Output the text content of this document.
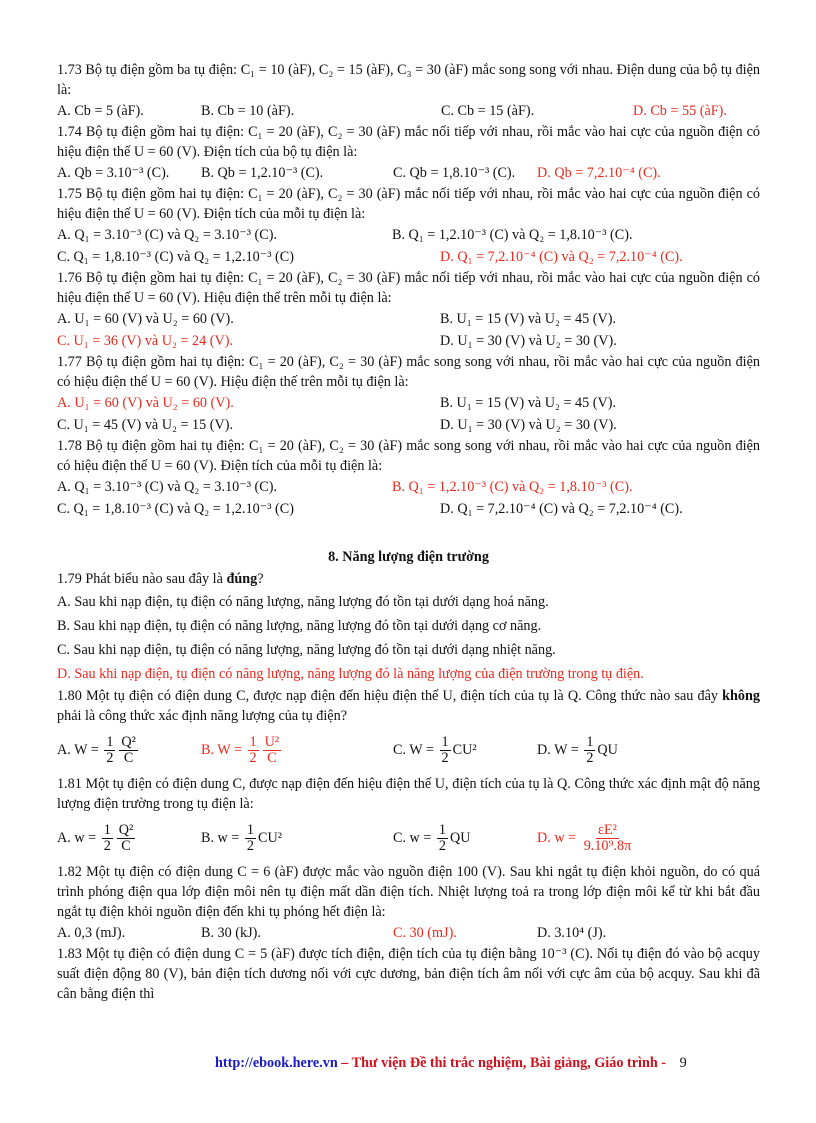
1.73 Bộ tụ điện gồm ba tụ điện: C₁ = 10 (àF), C₂ = 15 (àF), C₃ = 30 (àF) mắc song song với nhau. Điện dung của bộ tụ điện là:

A. Cb = 5 (àF).	B. Cb = 10 (àF).	C. Cb = 15 (àF).	D. Cb = 55 (àF).

1.74 Bộ tụ điện gồm hai tụ điện: C₁ = 20 (àF), C₂ = 30 (àF) mắc nối tiếp với nhau, rồi mắc vào hai cực của nguồn điện có hiệu điện thế U = 60 (V). Điện tích của bộ tụ điện là:

A. Qb = 3.10⁻³ (C).	B. Qb = 1,2.10⁻³ (C).	C. Qb = 1,8.10⁻³ (C).	D. Qb = 7,2.10⁻⁴ (C).

1.75 Bộ tụ điện gồm hai tụ điện: C₁ = 20 (àF), C₂ = 30 (àF) mắc nối tiếp với nhau, rồi mắc vào hai cực của nguồn điện có hiệu điện thế U = 60 (V). Điện tích của mỗi tụ điện là:

A. Q₁ = 3.10⁻³ (C) và Q₂ = 3.10⁻³ (C).	B. Q₁ = 1,2.10⁻³ (C) và Q₂ = 1,8.10⁻³ (C).
C. Q₁ = 1,8.10⁻³ (C) và Q₂ = 1,2.10⁻³ (C)	D. Q₁ = 7,2.10⁻⁴ (C) và Q₂ = 7,2.10⁻⁴ (C).

1.76 Bộ tụ điện gồm hai tụ điện: C₁ = 20 (àF), C₂ = 30 (àF) mắc nối tiếp với nhau, rồi mắc vào hai cực của nguồn điện có hiệu điện thế U = 60 (V). Hiệu điện thế trên mỗi tụ điện là:

A. U₁ = 60 (V) và U₂ = 60 (V).	B. U₁ = 15 (V) và U₂ = 45 (V).
C. U₁ = 36 (V) và U₂ = 24 (V).	D. U₁ = 30 (V) và U₂ = 30 (V).

1.77 Bộ tụ điện gồm hai tụ điện: C₁ = 20 (àF), C₂ = 30 (àF) mắc song song với nhau, rồi mắc vào hai cực của nguồn điện có hiệu điện thế U = 60 (V). Hiệu điện thế trên mỗi tụ điện là:

A. U₁ = 60 (V) và U₂ = 60 (V).	B. U₁ = 15 (V) và U₂ = 45 (V).
C. U₁ = 45 (V) và U₂ = 15 (V).	D. U₁ = 30 (V) và U₂ = 30 (V).

1.78 Bộ tụ điện gồm hai tụ điện: C₁ = 20 (àF), C₂ = 30 (àF) mắc song song với nhau, rồi mắc vào hai cực của nguồn điện có hiệu điện thế U = 60 (V). Điện tích của mỗi tụ điện là:

A. Q₁ = 3.10⁻³ (C) và Q₂ = 3.10⁻³ (C).	B. Q₁ = 1,2.10⁻³ (C) và Q₂ = 1,8.10⁻³ (C).
C. Q₁ = 1,8.10⁻³ (C) và Q₂ = 1,2.10⁻³ (C)	D. Q₁ = 7,2.10⁻⁴ (C) và Q₂ = 7,2.10⁻⁴ (C).
8. Năng lượng điện trường

1.79 Phát biểu nào sau đây là đúng?

A. Sau khi nạp điện, tụ điện có năng lượng, năng lượng đó tồn tại dưới dạng hoá năng.
B. Sau khi nạp điện, tụ điện có năng lượng, năng lượng đó tồn tại dưới dạng cơ năng.
C. Sau khi nạp điện, tụ điện có năng lượng, năng lượng đó tồn tại dưới dạng nhiệt năng.
D. Sau khi nạp điện, tụ điện có năng lượng, năng lượng đó là năng lượng của điện trường trong tụ điện.

1.80 Một tụ điện có điện dung C, được nạp điện đến hiệu điện thế U, điện tích của tụ là Q. Công thức nào sau đây không phải là công thức xác định năng lượng của tụ điện?

A. $W = \frac{1}{2} \frac{\text{Q²}}{C}$	B. $W = \frac{1}{2} \frac{\text{U²}}{C}$	C. $W = \frac{1}{2} CU^2$	D. $W = \frac{1}{2}$ QU

1.81 Một tụ điện có điện dung C, được nạp điện đến hiệu điện thế U, điện tích của tụ là Q. Công thức xác định mật độ năng lượng điện trường trong tụ điện là:

A. $w = \frac{1}{2} \frac{\text{Q²}}{C}$	B. $w = \frac{1}{2} CU^2$	C. $w = \frac{1}{2}$ QU	D. $w = \frac{\text{εE²}}{\text{9.10⁹.8π}}$

1.82 Một tụ điện có điện dung C = 6 (àF) được mắc vào nguồn điện 100 (V). Sau khi ngắt tụ điện khỏi nguồn, do có quá trình phóng điện qua lớp điện môi nên tụ điện mất dần điện tích. Nhiệt lượng toả ra trong lớp điện môi kể từ khi bắt đầu ngắt tụ điện khỏi nguồn điện đến khi tụ phóng hết điện là:

A. 0,3 (mJ).	B. 30 (kJ).	C. 30 (mJ).	D. 3.10⁴ (J).

1.83 Một tụ điện có điện dung C = 5 (àF) được tích điện, điện tích của tụ điện bằng 10⁻³ (C). Nối tụ điện đó vào bộ acquy suất điện động 80 (V), bản điện tích dương nối với cực dương, bản điện tích âm nối với cực âm của bộ acquy. Sau khi đã cân bằng điện thì

http://ebook.here.vn – Thư viện Đề thi trắc nghiệm, Bài giảng, Giáo trình - 9
